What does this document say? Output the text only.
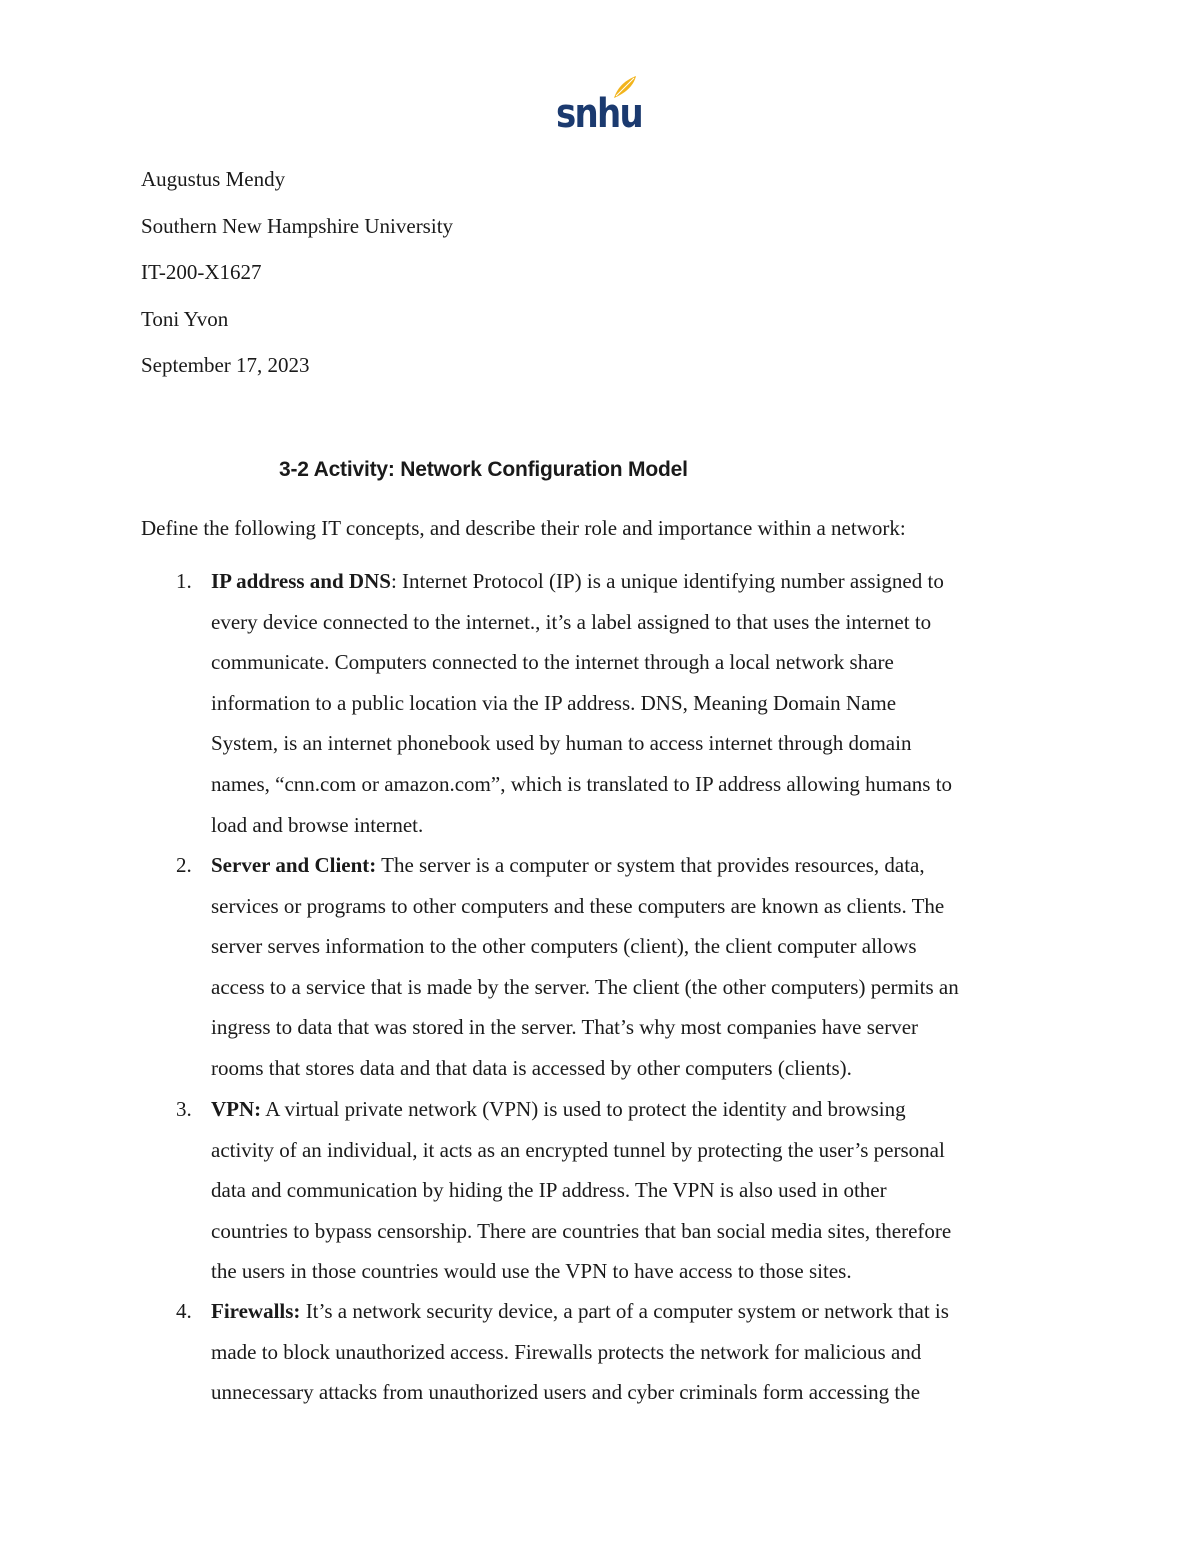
snhu
Augustus Mendy
Southern New Hampshire University
IT-200-X1627
Toni Yvon
September 17, 2023
3-2 Activity: Network Configuration Model
Define the following IT concepts, and describe their role and importance within a network:
1. IP address and DNS: Internet Protocol (IP) is a unique identifying number assigned to
every device connected to the internet., it’s a label assigned to that uses the internet to
communicate. Computers connected to the internet through a local network share
information to a public location via the IP address. DNS, Meaning Domain Name
System, is an internet phonebook used by human to access internet through domain
names, “cnn.com or amazon.com”, which is translated to IP address allowing humans to
load and browse internet.
2. Server and Client: The server is a computer or system that provides resources, data,
services or programs to other computers and these computers are known as clients. The
server serves information to the other computers (client), the client computer allows
access to a service that is made by the server. The client (the other computers) permits an
ingress to data that was stored in the server. That’s why most companies have server
rooms that stores data and that data is accessed by other computers (clients).
3. VPN: A virtual private network (VPN) is used to protect the identity and browsing
activity of an individual, it acts as an encrypted tunnel by protecting the user’s personal
data and communication by hiding the IP address. The VPN is also used in other
countries to bypass censorship. There are countries that ban social media sites, therefore
the users in those countries would use the VPN to have access to those sites.
4. Firewalls: It’s a network security device, a part of a computer system or network that is
made to block unauthorized access. Firewalls protects the network for malicious and
unnecessary attacks from unauthorized users and cyber criminals form accessing the
